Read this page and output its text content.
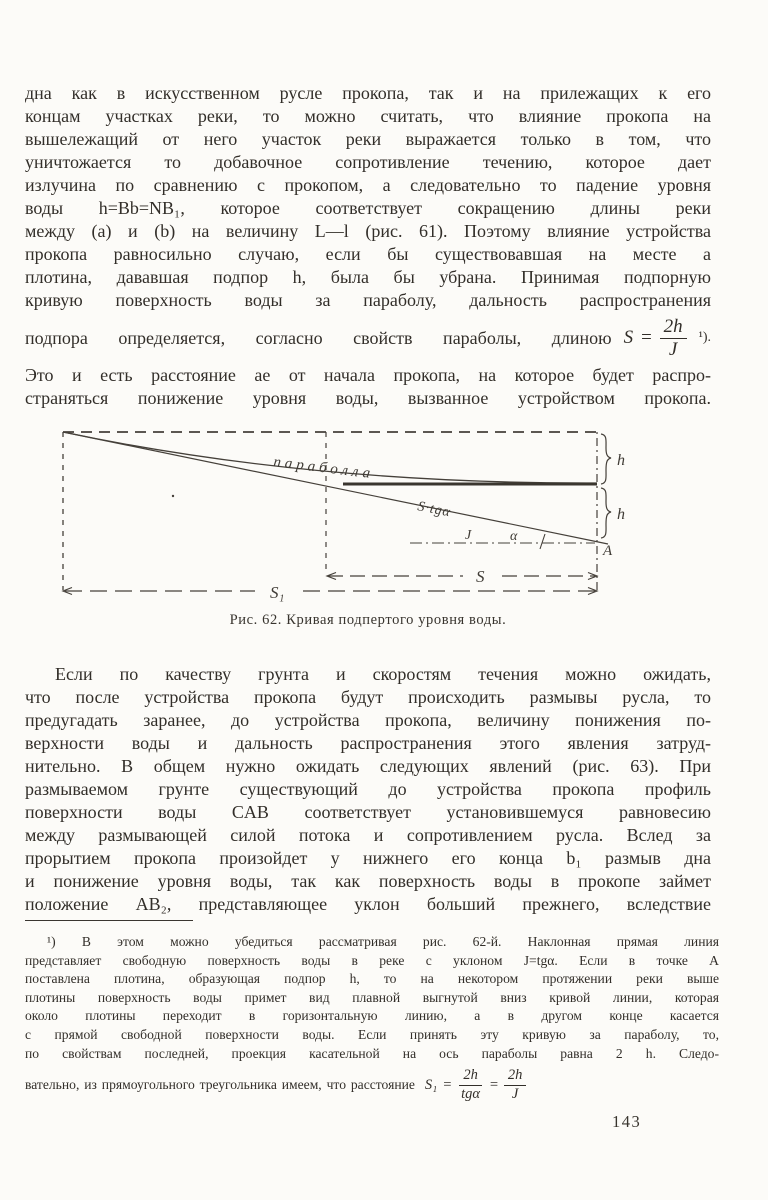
дна как в искусственном русле прокопа, так и на прилежащих к его
концам участках реки, то можно считать, что влияние прокопа на
вышележащий от него участок реки выражается только в том, что
уничтожается то добавочное сопротивление течению, которое дает
излучина по сравнению с прокопом, а следовательно то падение уровня
воды h=Bb=NB₁, которое соответствует сокращению длины реки
между (a) и (b) на величину L—l (рис. 61). Поэтому влияние устройства
прокопа равносильно случаю, если бы существовавшая на месте a
плотина, дававшая подпор h, была бы убрана. Принимая подпорную
кривую поверхность воды за параболу, дальность распространения
подпора определяется, согласно свойств параболы, длиною $S = \frac{2h}{J} ^1$).
Это и есть расстояние ae от начала прокопа, на которое будет распро-
страняться понижение уровня воды, вызванное устройством прокопа.
параболла
S·tgα
J	α
A
h
h
S
S₁
Рис. 62. Кривая подпертого уровня воды.
Если по качеству грунта и скоростям течения можно ожидать,
что после устройства прокопа будут происходить размывы русла, то
предугадать заранее, до устройства прокопа, величину понижения по-
верхности воды и дальность распространения этого явления затруд-
нительно. В общем нужно ожидать следующих явлений (рис. 63). При
размываемом грунте существующий до устройства прокопа профиль
поверхности воды CAB соответствует установившемуся равновесию
между размывающей силой потока и сопротивлением русла. Вслед за
прорытием прокопа произойдет у нижнего его конца b₁ размыв дна
и понижение уровня воды, так как поверхность воды в прокопе займет
положение AB₂, представляющее уклон больший прежнего, вследствие
¹) В этом можно убедиться рассматривая рис. 62-й. Наклонная прямая линия
представляет свободную поверхность воды в реке с уклоном J=tgα. Если в точке A
поставлена плотина, образующая подпор h, то на некотором протяжении реки выше
плотины поверхность воды примет вид плавной выгнутой вниз кривой линии, которая
около плотины переходит в горизонтальную линию, а в другом конце касается
с прямой свободной поверхности воды. Если принять эту кривую за параболу, то,
по свойствам последней, проекция касательной на ось параболы равна 2 h. Следо-
вательно, из прямоугольного треугольника имеем, что расстояние $S_1 = \frac{2h}{\text{tgα}} = \frac{2h}{J}$
143
